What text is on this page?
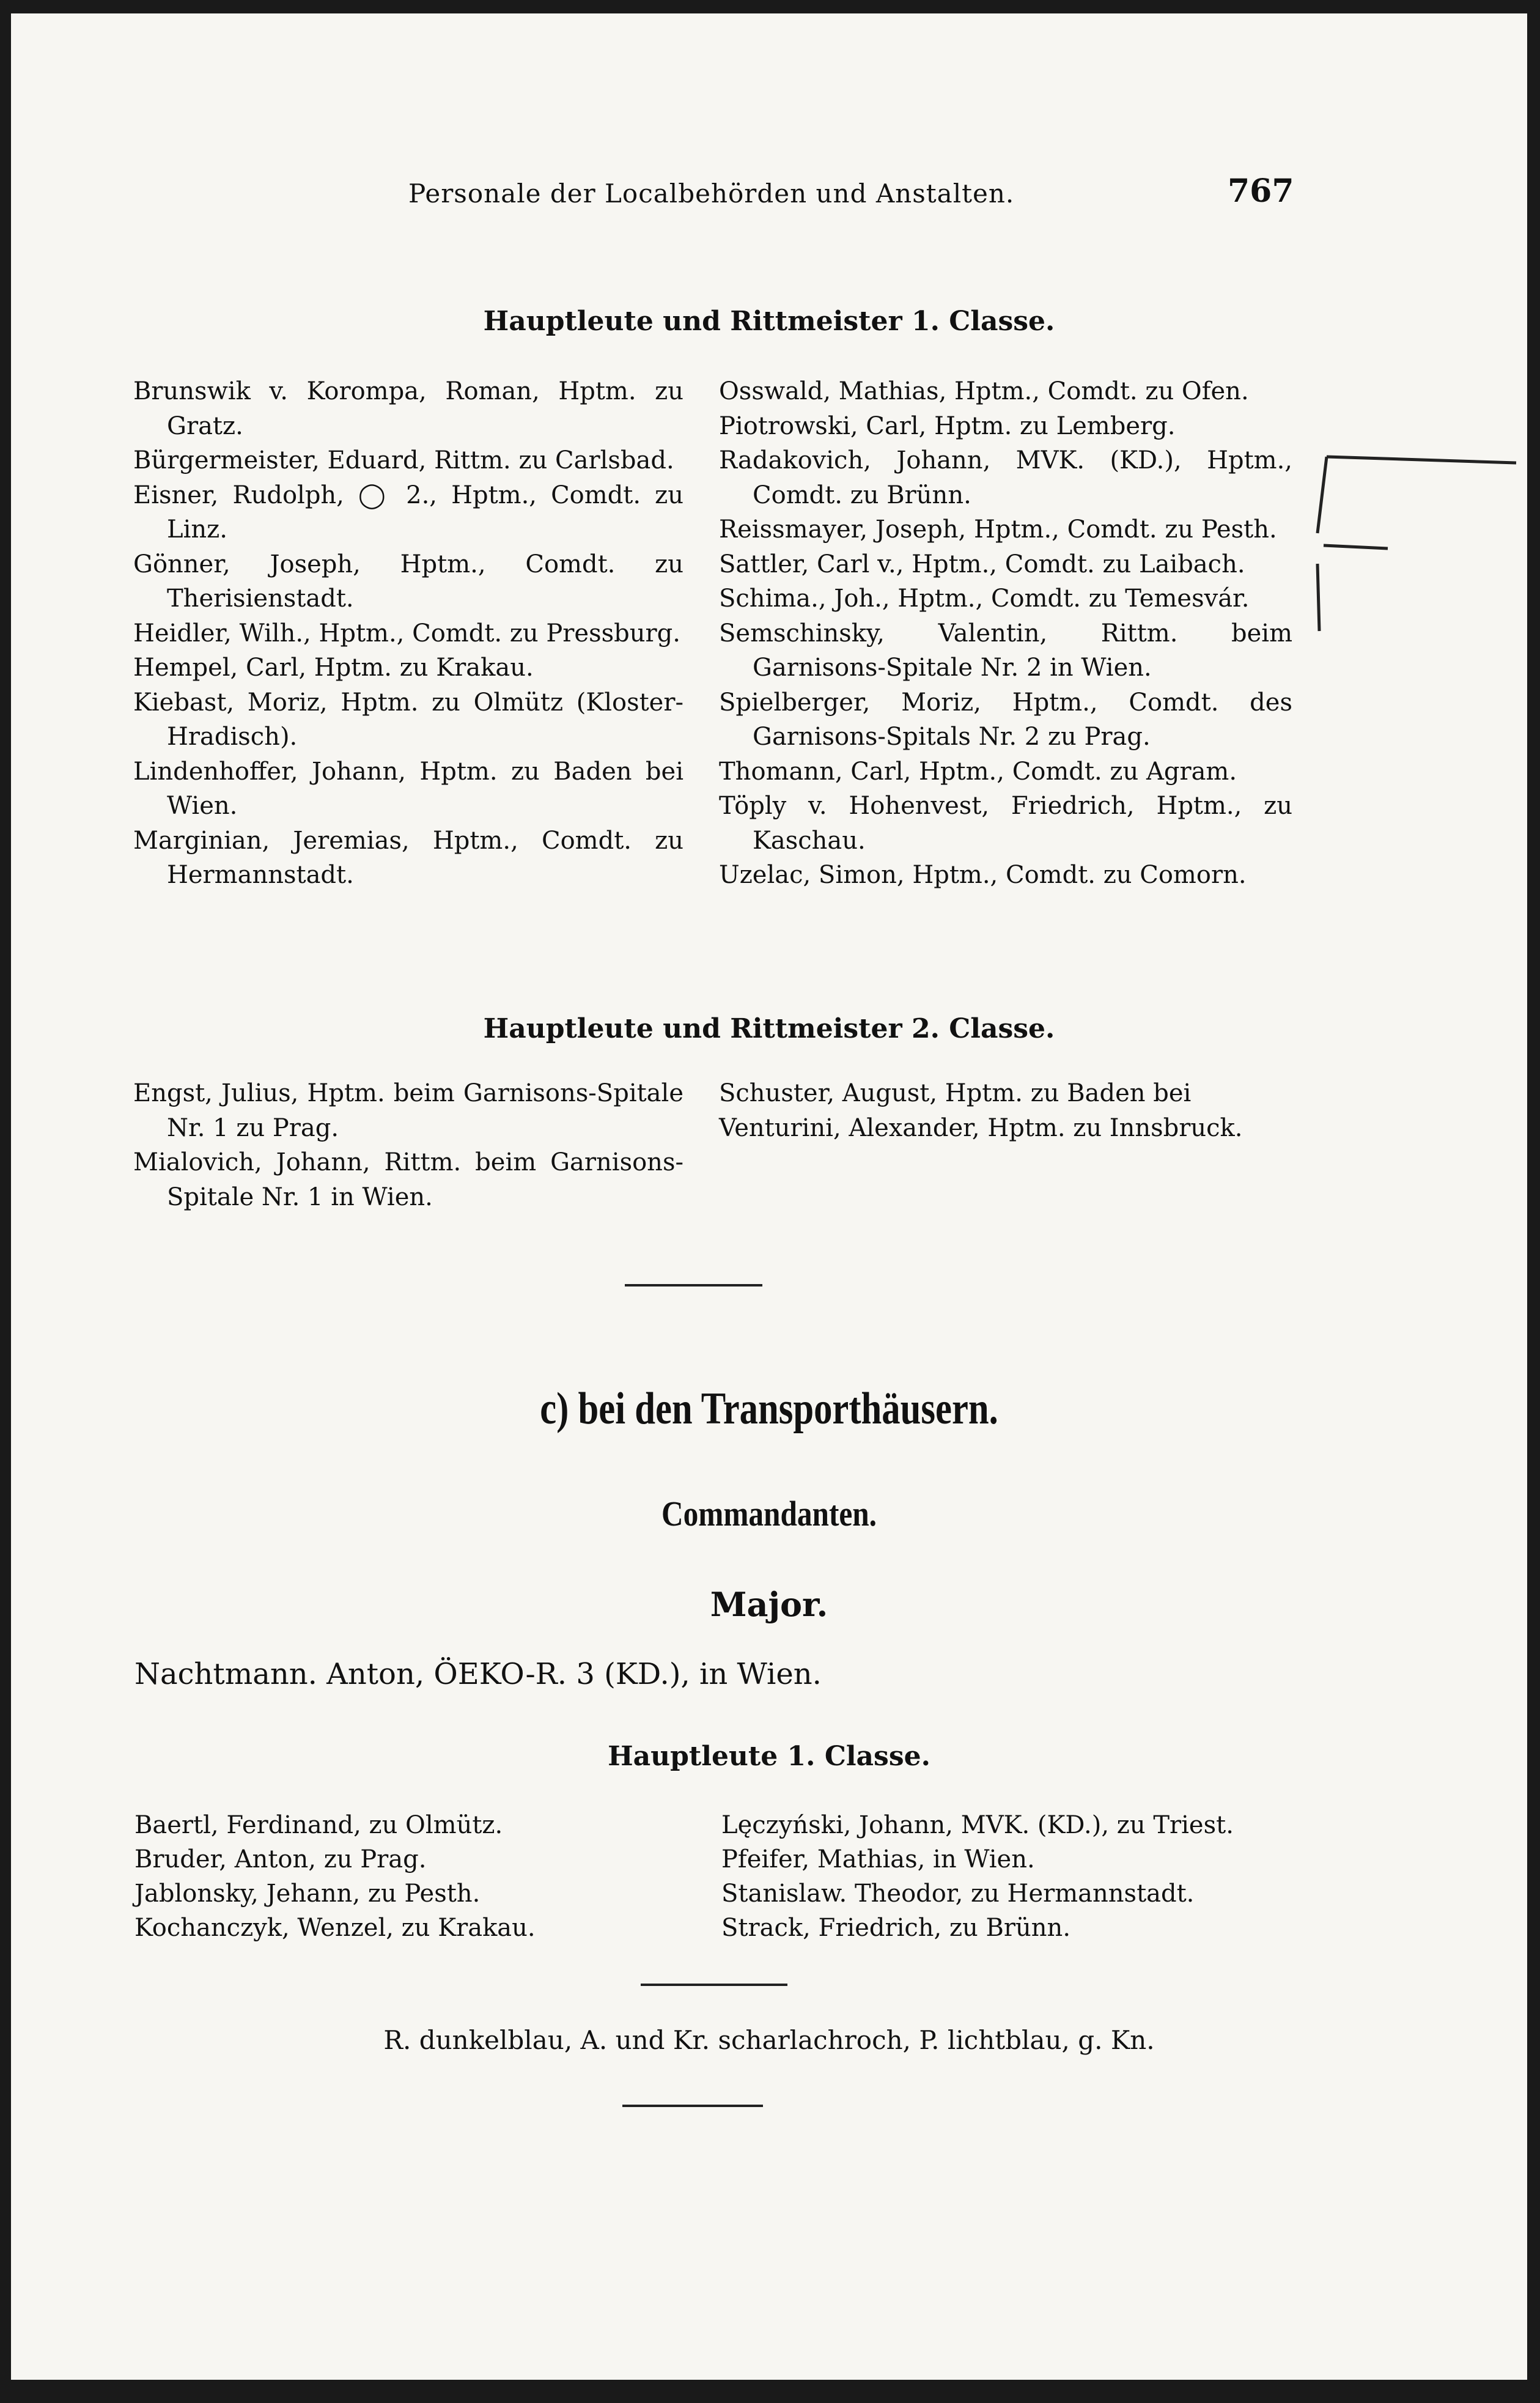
Personale der Localbehörden und Anstalten.	767
Hauptleute und Rittmeister 1. Classe.
Brunswik v. Korompa, Roman, Hptm. zu Gratz.
Bürgermeister, Eduard, Rittm. zu Carlsbad.
Eisner, Rudolph, ◯ 2., Hptm., Comdt. zu Linz.
Gönner, Joseph, Hptm., Comdt. zu Therisienstadt.
Heidler, Wilh., Hptm., Comdt. zu Pressburg.
Hempel, Carl, Hptm. zu Krakau.
Kiebast, Moriz, Hptm. zu Olmütz (Kloster-Hradisch).
Lindenhoffer, Johann, Hptm. zu Baden bei Wien.
Marginian, Jeremias, Hptm., Comdt. zu Hermannstadt.
Osswald, Mathias, Hptm., Comdt. zu Ofen.
Piotrowski, Carl, Hptm. zu Lemberg.
Radakovich, Johann, MVK. (KD.), Hptm., Comdt. zu Brünn.
Reissmayer, Joseph, Hptm., Comdt. zu Pesth.
Sattler, Carl v., Hptm., Comdt. zu Laibach.
Schima., Joh., Hptm., Comdt. zu Temesvár.
Semschinsky, Valentin, Rittm. beim Garnisons-Spitale Nr. 2 in Wien.
Spielberger, Moriz, Hptm., Comdt. des Garnisons-Spitals Nr. 2 zu Prag.
Thomann, Carl, Hptm., Comdt. zu Agram.
Töply v. Hohenvest, Friedrich, Hptm., zu Kaschau.
Uzelac, Simon, Hptm., Comdt. zu Comorn.
Hauptleute und Rittmeister 2. Classe.
Engst, Julius, Hptm. beim Garnisons-Spitale Nr. 1 zu Prag.
Mialovich, Johann, Rittm. beim Garnisons-Spitale Nr. 1 in Wien.
Schuster, August, Hptm. zu Baden bei
Venturini, Alexander, Hptm. zu Innsbruck.
c) bei den Transporthäusern.
Commandanten.
Major.
Nachtmann. Anton, ÖEKO-R. 3 (KD.), in Wien.
Hauptleute 1. Classe.
Baertl, Ferdinand, zu Olmütz.
Bruder, Anton, zu Prag.
Jablonsky, Jehann, zu Pesth.
Kochanczyk, Wenzel, zu Krakau.
Lęczyński, Johann, MVK. (KD.), zu Triest.
Pfeifer, Mathias, in Wien.
Stanislaw. Theodor, zu Hermannstadt.
Strack, Friedrich, zu Brünn.
R. dunkelblau, A. und Kr. scharlachroch, P. lichtblau, g. Kn.
